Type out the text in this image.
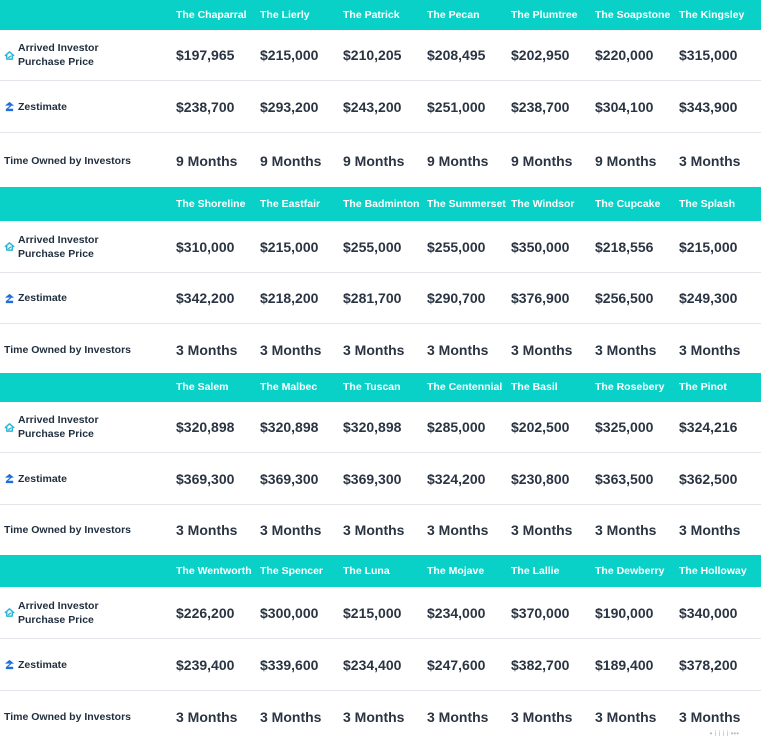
The Chaparral The Lierly	The Patrick	The Pecan	The Plumtree The Soapstone The Kingsley
Arrived Investor
Purchase Price	$197,965 $215,000 $210,205 $208,495 $202,950 $220,000 $315,000
Zestimate	$238,700 $293,200 $243,200 $251,000 $238,700 $304,100 $343,900
Time Owned by Investors	9 Months 9 Months 9 Months 9 Months 9 Months 9 Months 3 Months
The Shoreline The Eastfair The Badminton The Summerset The Windsor The Cupcake The Splash
Arrived Investor
Purchase Price	$310,000 $215,000 $255,000 $255,000 $350,000 $218,556 $215,000
Zestimate	$342,200 $218,200 $281,700 $290,700 $376,900 $256,500 $249,300
Time Owned by Investors	3 Months 3 Months 3 Months 3 Months 3 Months 3 Months 3 Months
The Salem	The Malbec The Tuscan	The Centennial The Basil	The Rosebery The Pinot
Arrived Investor
Purchase Price	$320,898 $320,898 $320,898 $285,000 $202,500 $325,000 $324,216
Zestimate	$369,300 $369,300 $369,300 $324,200 $230,800 $363,500 $362,500
Time Owned by Investors	3 Months 3 Months 3 Months 3 Months 3 Months 3 Months 3 Months
The Wentworth The Spencer The Luna	The Mojave	The Lallie	The Dewberry The Holloway
Arrived Investor
Purchase Price	$226,200 $300,000 $215,000 $234,000 $370,000 $190,000 $340,000
Zestimate	$239,400 $339,600 $234,400 $247,600 $382,700 $189,400 $378,200
Time Owned by Investors	3 Months 3 Months 3 Months 3 Months 3 Months 3 Months 3 Months
• i i i i •••
